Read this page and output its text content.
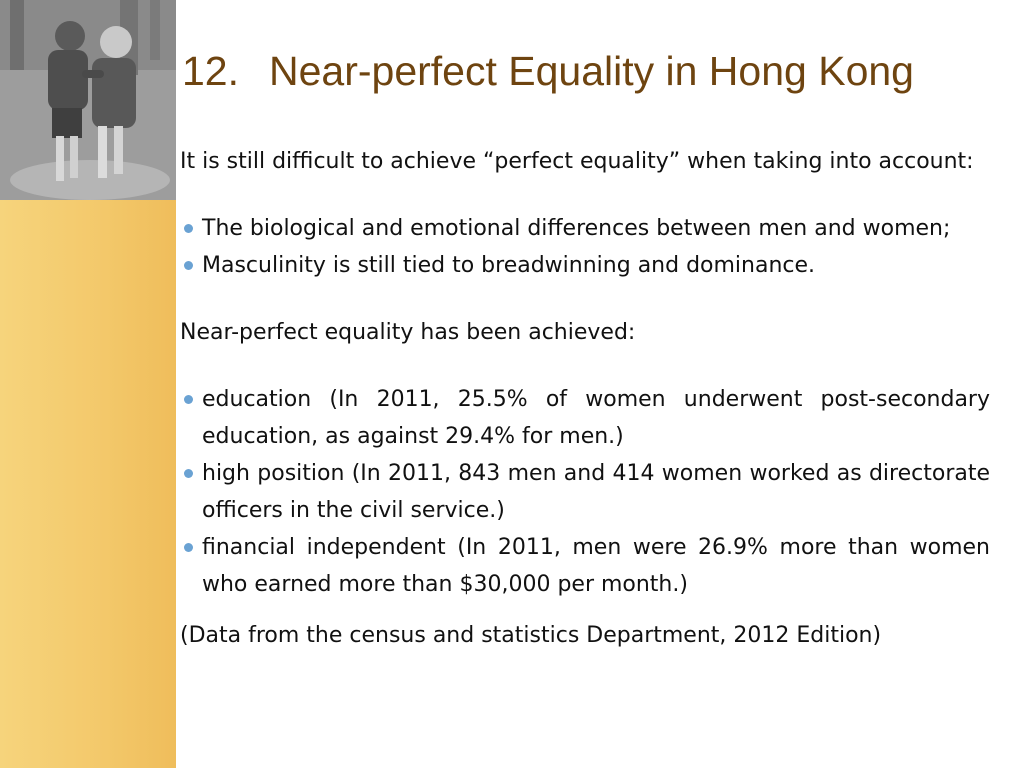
12. Near-perfect Equality in Hong Kong

It is still difficult to achieve “perfect equality” when taking into account:

The biological and emotional differences between men and women;
Masculinity is still tied to breadwinning and dominance.

Near-perfect equality has been achieved:

education (In 2011, 25.5% of women underwent post-secondary education, as against 29.4% for men.)
high position (In 2011, 843 men and 414 women worked as directorate officers in the civil service.)
financial independent (In 2011, men were 26.9% more than women who earned more than $30,000 per month.)

(Data from the census and statistics Department, 2012 Edition)
